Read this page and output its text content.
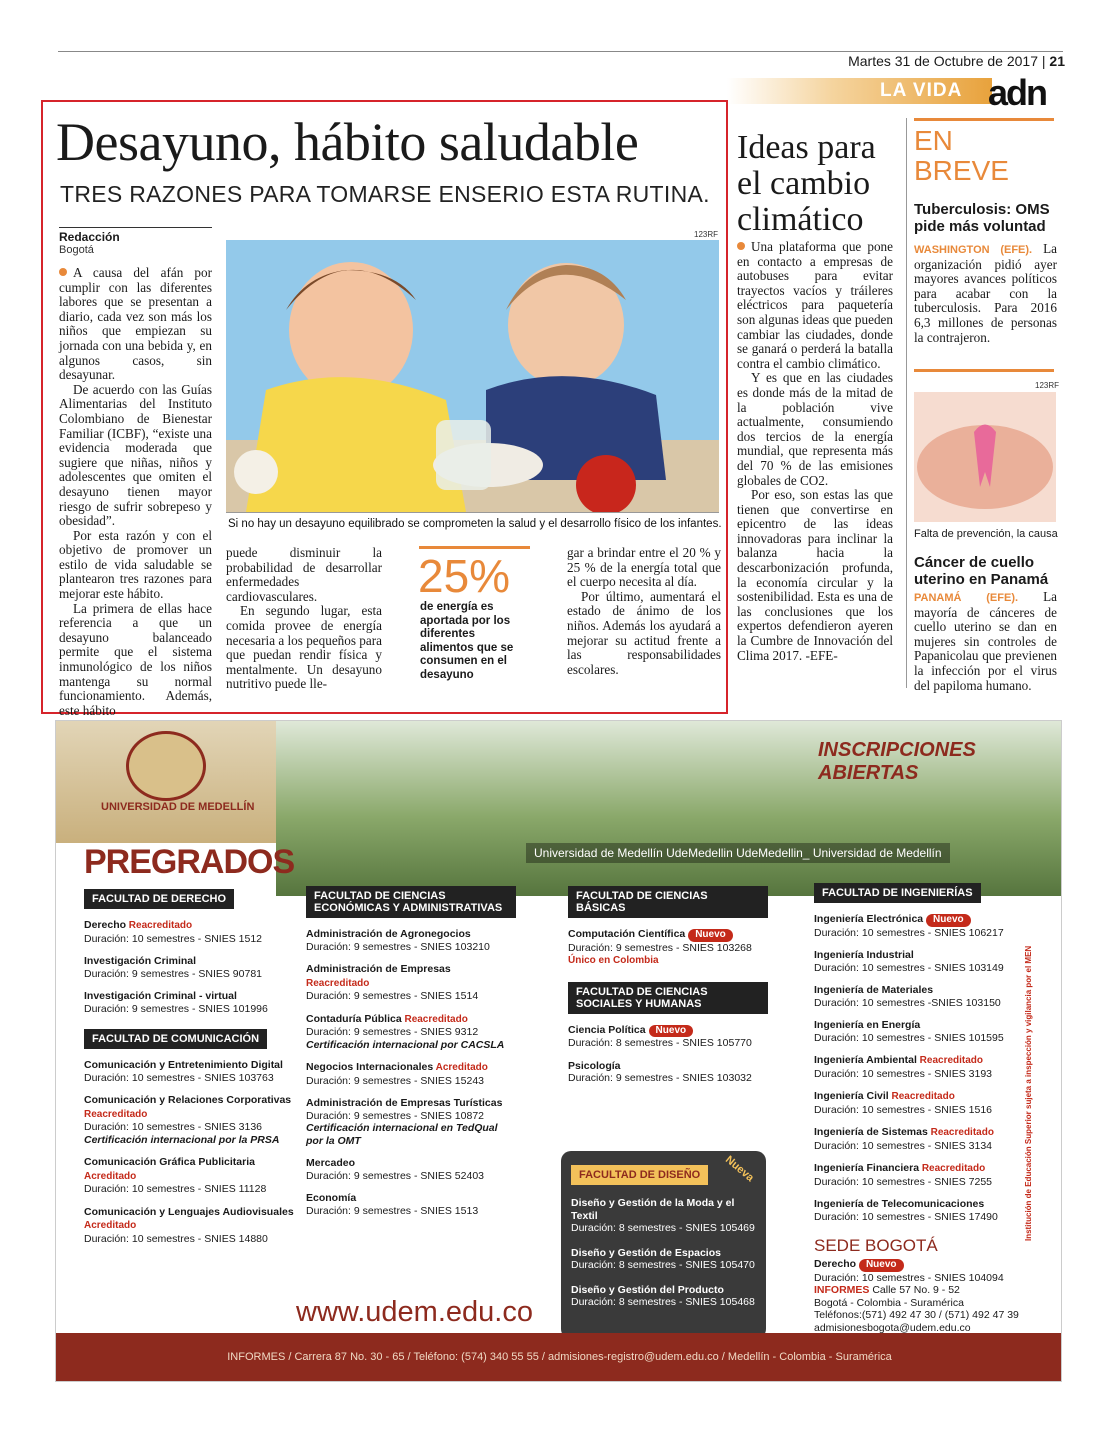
Martes 31 de Octubre de 2017 | 21
LA VIDA adn
Desayuno, hábito saludable
TRES RAZONES PARA TOMARSE ENSERIO ESTA RUTINA.
Redacción
Bogotá
123RF
Si no hay un desayuno equilibrado se comprometen la salud y el desarrollo físico de los infantes.

A causa del afán por cumplir con las diferentes labores que se presentan a diario, cada vez son más los niños que empiezan su jornada con una bebida y, en algunos casos, sin desayunar.

De acuerdo con las Guías Alimentarias del Instituto Colombiano de Bienestar Familiar (ICBF), “existe una evidencia moderada que sugiere que niñas, niños y adolescentes que omiten el desayuno tienen mayor riesgo de sufrir sobrepeso y obesidad”.

Por esta razón y con el objetivo de promover un estilo de vida saludable se plantearon tres razones para mejorar este hábito.

La primera de ellas hace referencia a que un desayuno balanceado permite que el sistema inmunológico de los niños mantenga su normal funcionamiento. Además, este hábito

puede disminuir la probabilidad de desarrollar enfermedades cardiovasculares.

En segundo lugar, esta comida provee de energía necesaria a los pequeños para que puedan rendir física y mentalmente. Un desayuno nutritivo puede lle-

25%
de energía es aportada por los diferentes alimentos que se consumen en el desayuno

gar a brindar entre el 20 % y 25 % de la energía total que el cuerpo necesita al día.

Por último, aumentará el estado de ánimo de los niños. Además los ayudará a mejorar su actitud frente a las responsabilidades escolares.

Ideas para el cambio climático

Una plataforma que pone en contacto a empresas de autobuses para evitar trayectos vacíos y tráileres eléctricos para paquetería son algunas ideas que pueden cambiar las ciudades, donde se ganará o perderá la batalla contra el cambio climático.

Y es que en las ciudades es donde más de la mitad de la población vive actualmente, consumiendo dos tercios de la energía mundial, que representa más del 70 % de las emisiones globales de CO2.

Por eso, son estas las que tienen que convertirse en epicentro de las ideas innovadoras para inclinar la balanza hacia la descarbonización profunda, la economía circular y la sostenibilidad. Esta es una de las conclusiones que los expertos defendieron ayeren la Cumbre de Innovación del Clima 2017. -EFE-

EN BREVE
Tuberculosis: OMS pide más voluntad
WASHINGTON (EFE). La organización pidió ayer mayores avances políticos para acabar con la tuberculosis. Para 2016 6,3 millones de personas la contrajeron.
123RF
Falta de prevención, la causa
Cáncer de cuello uterino en Panamá
PANAMÁ (EFE). La mayoría de cánceres de cuello uterino se dan en mujeres sin controles de Papanicolau que previenen la infección por el virus del papiloma humano.
UNIVERSIDAD DE MEDELLÍN
INSCRIPCIONES ABIERTAS
PREGRADOS	Universidad de Medellín UdeMedellin UdeMedellin_ Universidad de Medellín
FACULTAD DE DERECHO
Derecho Reacreditado
Duración: 10 semestres - SNIES 1512
Investigación Criminal
Duración: 9 semestres - SNIES 90781
Investigación Criminal - virtual
Duración: 9 semestres - SNIES 101996
FACULTAD DE COMUNICACIÓN
Comunicación y Entretenimiento Digital
Duración: 10 semestres - SNIES 103763
Comunicación y Relaciones Corporativas Reacreditado
Duración: 10 semestres - SNIES 3136
Certificación internacional por la PRSA
Comunicación Gráfica Publicitaria Acreditado
Duración: 10 semestres - SNIES 11128
Comunicación y Lenguajes Audiovisuales Acreditado
Duración: 10 semestres - SNIES 14880
FACULTAD DE CIENCIAS ECONÓMICAS Y ADMINISTRATIVAS
Administración de Agronegocios
Duración: 9 semestres - SNIES 103210
Administración de Empresas Reacreditado
Duración: 9 semestres - SNIES 1514
Contaduría Pública Reacreditado
Duración: 9 semestres - SNIES 9312
Certificación internacional por CACSLA
Negocios Internacionales Acreditado
Duración: 9 semestres - SNIES 15243
Administración de Empresas Turísticas
Duración: 9 semestres - SNIES 10872
Certificación internacional en TedQual por la OMT
Mercadeo
Duración: 9 semestres - SNIES 52403
Economía
Duración: 9 semestres - SNIES 1513
FACULTAD DE CIENCIAS BÁSICAS
Computación Científica Nuevo
Duración: 9 semestres - SNIES 103268
Único en Colombia
FACULTAD DE CIENCIAS SOCIALES Y HUMANAS
Ciencia Política Nuevo
Duración: 8 semestres - SNIES 105770
Psicología
Duración: 9 semestres - SNIES 103032
FACULTAD DE DISEÑO Nueva
Diseño y Gestión de la Moda y el Textil
Duración: 8 semestres - SNIES 105469
Diseño y Gestión de Espacios
Duración: 8 semestres - SNIES 105470
Diseño y Gestión del Producto
Duración: 8 semestres - SNIES 105468
FACULTAD DE INGENIERÍAS
Ingeniería Electrónica Nuevo
Duración: 10 semestres - SNIES 106217
Ingeniería Industrial
Duración: 10 semestres - SNIES 103149
Ingeniería de Materiales
Duración: 10 semestres -SNIES 103150
Ingeniería en Energía
Duración: 10 semestres - SNIES 101595
Ingeniería Ambiental Reacreditado
Duración: 10 semestres - SNIES 3193
Ingeniería Civil Reacreditado
Duración: 10 semestres - SNIES 1516
Ingeniería de Sistemas Reacreditado
Duración: 10 semestres - SNIES 3134
Ingeniería Financiera Reacreditado
Duración: 10 semestres - SNIES 7255
Ingeniería de Telecomunicaciones
Duración: 10 semestres - SNIES 17490
SEDE BOGOTÁ
Derecho Nuevo
Duración: 10 semestres - SNIES 104094
INFORMES Calle 57 No. 9 - 52
Bogotá - Colombia - Suramérica
Teléfonos:(571) 492 47 30 / (571) 492 47 39
admisionesbogota@udem.edu.co
Institución de Educación Superior sujeta a inspección y vigilancia por el MEN
www.udem.edu.co
INFORMES / Carrera 87 No. 30 - 65 / Teléfono: (574) 340 55 55 / admisiones-registro@udem.edu.co / Medellín - Colombia - Suramérica
